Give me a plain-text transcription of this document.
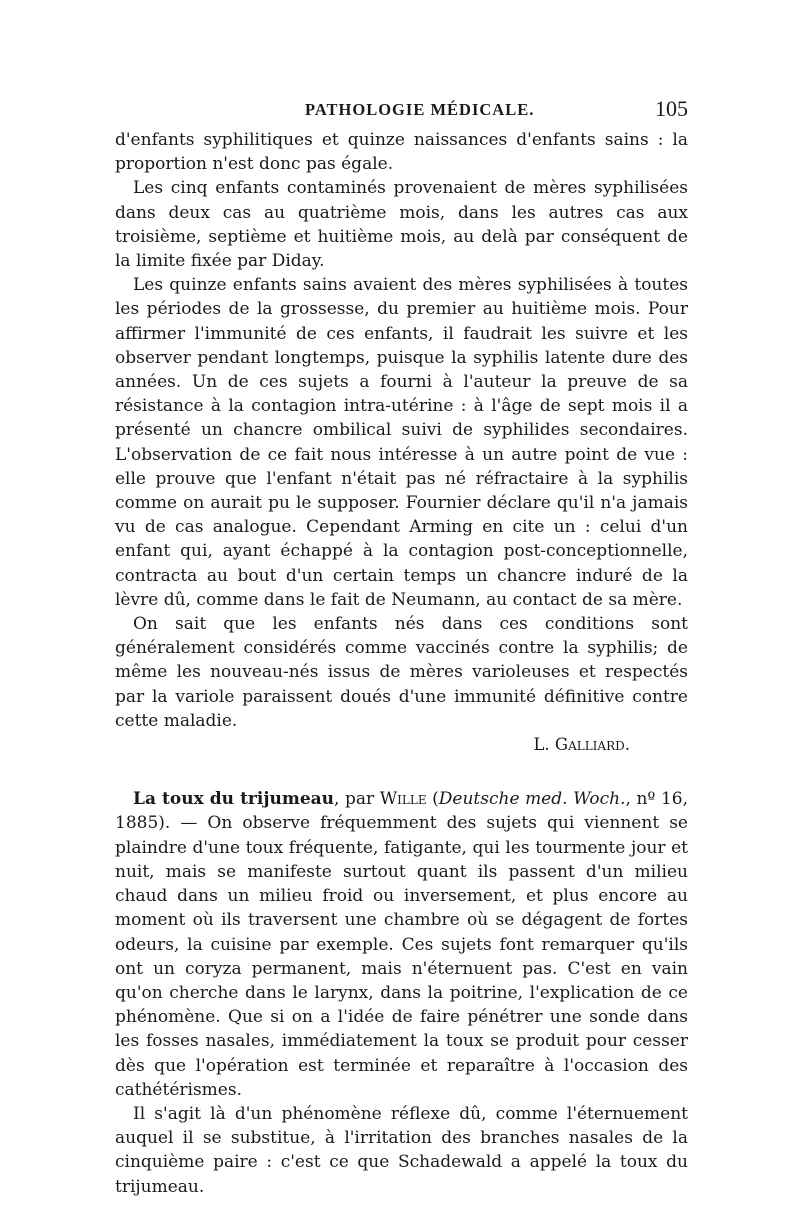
PATHOLOGIE MÉDICALE.	105

d'enfants syphilitiques et quinze naissances d'enfants sains : la proportion n'est donc pas égale.

Les cinq enfants contaminés provenaient de mères syphilisées dans deux cas au quatrième mois, dans les autres cas aux troisième, septième et huitième mois, au delà par conséquent de la limite fixée par Diday.

Les quinze enfants sains avaient des mères syphilisées à toutes les périodes de la grossesse, du premier au huitième mois. Pour affirmer l'immunité de ces enfants, il faudrait les suivre et les observer pendant longtemps, puisque la syphilis latente dure des années. Un de ces sujets a fourni à l'auteur la preuve de sa résistance à la contagion intra-utérine : à l'âge de sept mois il a présenté un chancre ombilical suivi de syphilides secondaires. L'observation de ce fait nous intéresse à un autre point de vue : elle prouve que l'enfant n'était pas né réfractaire à la syphilis comme on aurait pu le supposer. Fournier déclare qu'il n'a jamais vu de cas analogue. Cependant Arming en cite un : celui d'un enfant qui, ayant échappé à la contagion post-conceptionnelle, contracta au bout d'un certain temps un chancre induré de la lèvre dû, comme dans le fait de Neumann, au contact de sa mère.

On sait que les enfants nés dans ces conditions sont généralement considérés comme vaccinés contre la syphilis; de même les nouveau-nés issus de mères varioleuses et respectés par la variole paraissent doués d'une immunité définitive contre cette maladie.

L. Galliard.

La toux du trijumeau, par Wille (Deutsche med. Woch., nº 16, 1885). — On observe fréquemment des sujets qui viennent se plaindre d'une toux fréquente, fatigante, qui les tourmente jour et nuit, mais se manifeste surtout quant ils passent d'un milieu chaud dans un milieu froid ou inversement, et plus encore au moment où ils traversent une chambre où se dégagent de fortes odeurs, la cuisine par exemple. Ces sujets font remarquer qu'ils ont un coryza permanent, mais n'éternuent pas. C'est en vain qu'on cherche dans le larynx, dans la poitrine, l'explication de ce phénomène. Que si on a l'idée de faire pénétrer une sonde dans les fosses nasales, immédiatement la toux se produit pour cesser dès que l'opération est terminée et reparaître à l'occasion des cathétérismes.

Il s'agit là d'un phénomène réflexe dû, comme l'éternuement auquel il se substitue, à l'irritation des branches nasales de la cinquième paire : c'est ce que Schadewald a appelé la toux du trijumeau.
